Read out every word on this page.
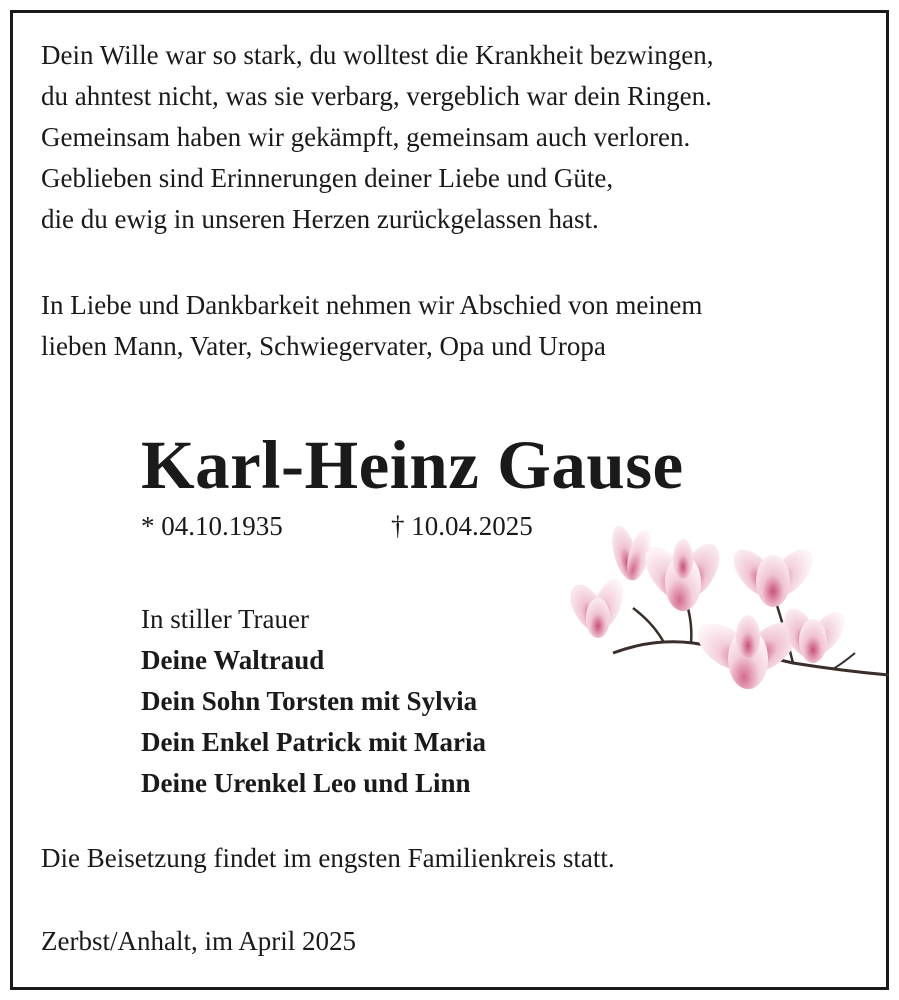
Dein Wille war so stark, du wolltest die Krankheit bezwingen,
du ahntest nicht, was sie verbarg, vergeblich war dein Ringen.
Gemeinsam haben wir gekämpft, gemeinsam auch verloren.
Geblieben sind Erinnerungen deiner Liebe und Güte,
die du ewig in unseren Herzen zurückgelassen hast.
In Liebe und Dankbarkeit nehmen wir Abschied von meinem
lieben Mann, Vater, Schwiegervater, Opa und Uropa
Karl-Heinz Gause
* 04.10.1935	† 10.04.2025
In stiller Trauer
Deine Waltraud
Dein Sohn Torsten mit Sylvia
Dein Enkel Patrick mit Maria
Deine Urenkel Leo und Linn
Die Beisetzung findet im engsten Familienkreis statt.
Zerbst/Anhalt, im April 2025
